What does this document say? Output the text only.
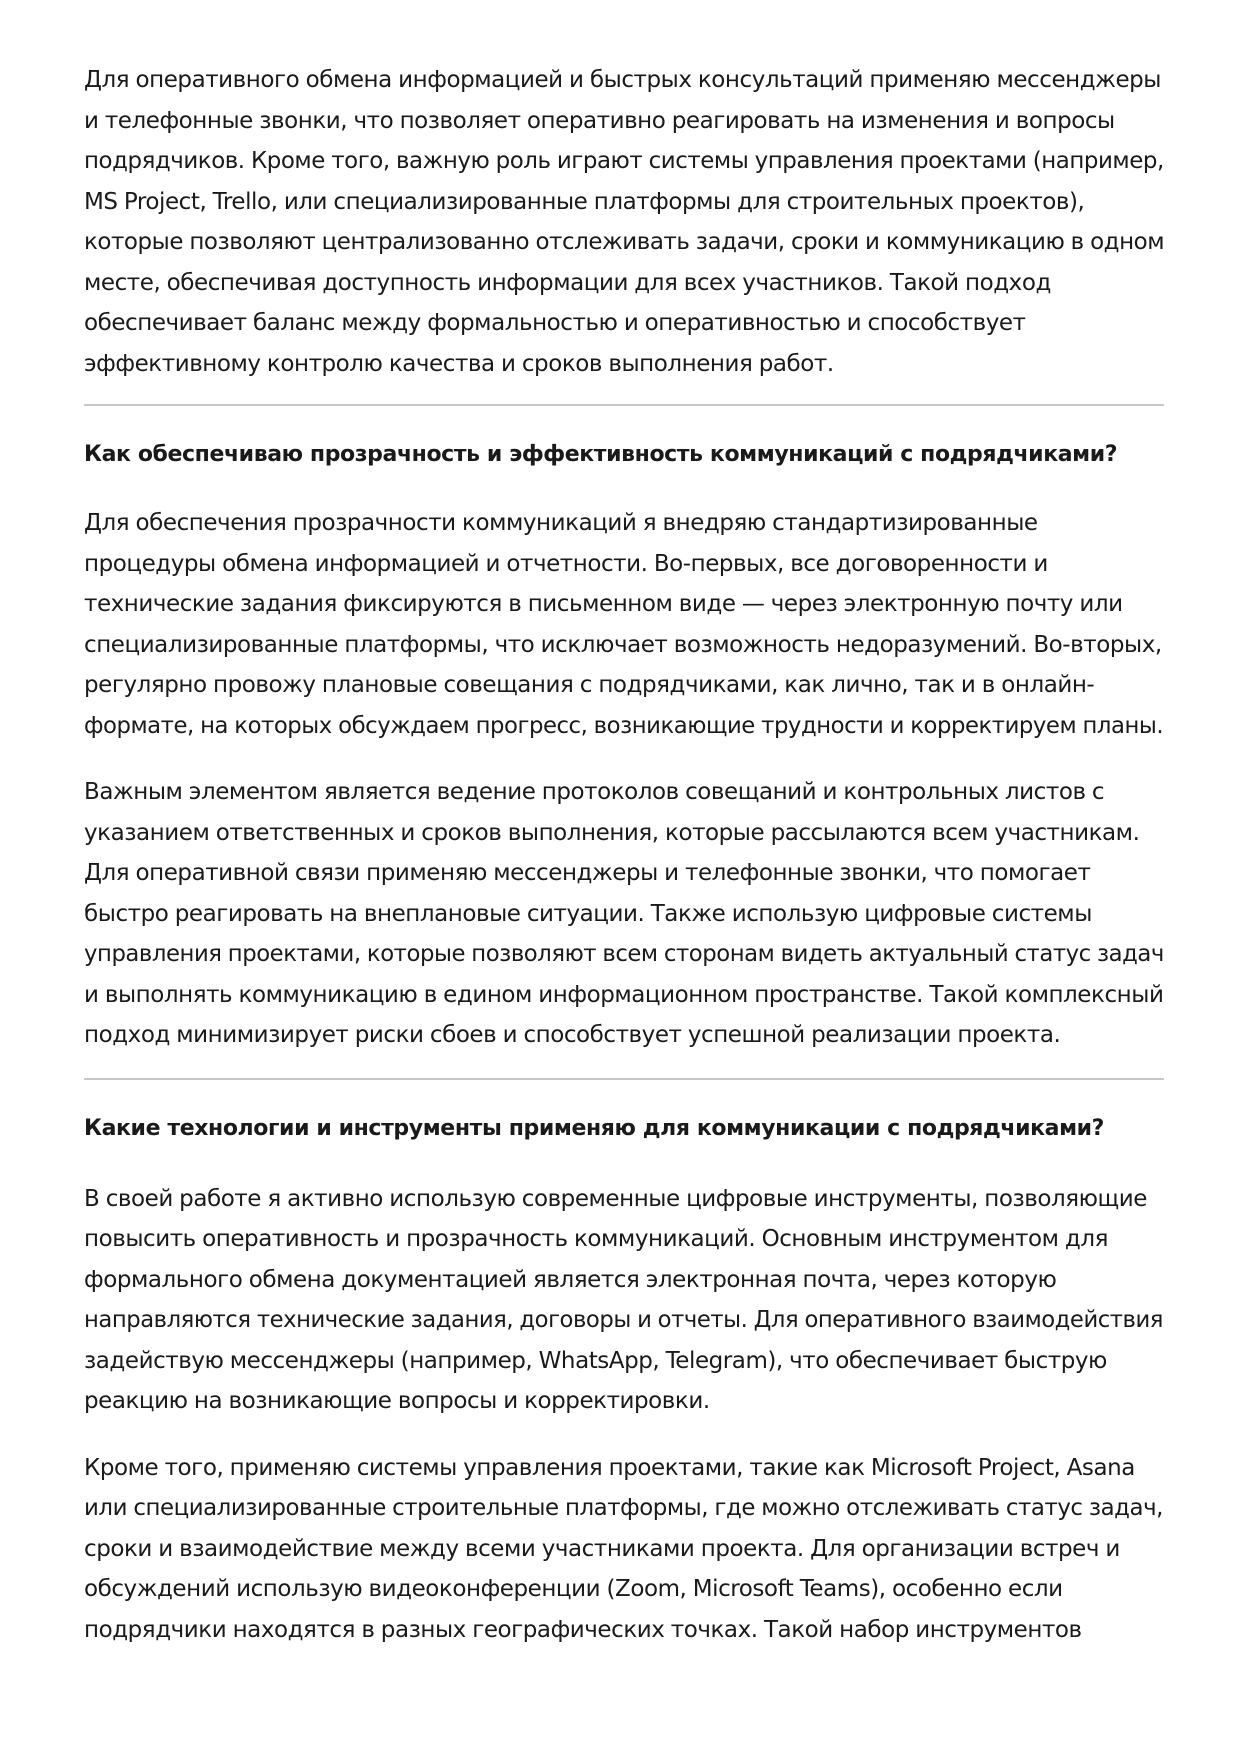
Для оперативного обмена информацией и быстрых консультаций применяю мессенджеры
и телефонные звонки, что позволяет оперативно реагировать на изменения и вопросы
подрядчиков. Кроме того, важную роль играют системы управления проектами (например,
MS Project, Trello, или специализированные платформы для строительных проектов),
которые позволяют централизованно отслеживать задачи, сроки и коммуникацию в одном
месте, обеспечивая доступность информации для всех участников. Такой подход
обеспечивает баланс между формальностью и оперативностью и способствует
эффективному контролю качества и сроков выполнения работ.

Как обеспечиваю прозрачность и эффективность коммуникаций с подрядчиками?

Для обеспечения прозрачности коммуникаций я внедряю стандартизированные
процедуры обмена информацией и отчетности. Во-первых, все договоренности и
технические задания фиксируются в письменном виде — через электронную почту или
специализированные платформы, что исключает возможность недоразумений. Во-вторых,
регулярно провожу плановые совещания с подрядчиками, как лично, так и в онлайн-
формате, на которых обсуждаем прогресс, возникающие трудности и корректируем планы.

Важным элементом является ведение протоколов совещаний и контрольных листов с
указанием ответственных и сроков выполнения, которые рассылаются всем участникам.
Для оперативной связи применяю мессенджеры и телефонные звонки, что помогает
быстро реагировать на внеплановые ситуации. Также использую цифровые системы
управления проектами, которые позволяют всем сторонам видеть актуальный статус задач
и выполнять коммуникацию в едином информационном пространстве. Такой комплексный
подход минимизирует риски сбоев и способствует успешной реализации проекта.

Какие технологии и инструменты применяю для коммуникации с подрядчиками?

В своей работе я активно использую современные цифровые инструменты, позволяющие
повысить оперативность и прозрачность коммуникаций. Основным инструментом для
формального обмена документацией является электронная почта, через которую
направляются технические задания, договоры и отчеты. Для оперативного взаимодействия
задействую мессенджеры (например, WhatsApp, Telegram), что обеспечивает быструю
реакцию на возникающие вопросы и корректировки.

Кроме того, применяю системы управления проектами, такие как Microsoft Project, Asana
или специализированные строительные платформы, где можно отслеживать статус задач,
сроки и взаимодействие между всеми участниками проекта. Для организации встреч и
обсуждений использую видеоконференции (Zoom, Microsoft Teams), особенно если
подрядчики находятся в разных географических точках. Такой набор инструментов
